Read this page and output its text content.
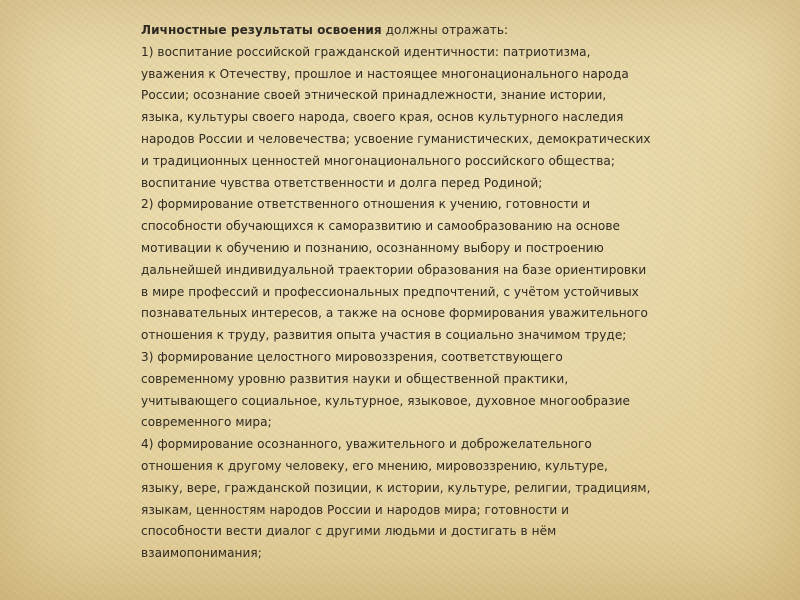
Личностные результаты освоения должны отражать:
1) воспитание российской гражданской идентичности: патриотизма,
уважения к Отечеству, прошлое и настоящее многонационального народа
России; осознание своей этнической принадлежности, знание истории,
языка, культуры своего народа, своего края, основ культурного наследия
народов России и человечества; усвоение гуманистических, демократических
и традиционных ценностей многонационального российского общества;
воспитание чувства ответственности и долга перед Родиной;
2) формирование ответственного отношения к учению, готовности и
способности обучающихся к саморазвитию и самообразованию на основе
мотивации к обучению и познанию, осознанному выбору и построению
дальнейшей индивидуальной траектории образования на базе ориентировки
в мире профессий и профессиональных предпочтений, с учётом устойчивых
познавательных интересов, а также на основе формирования уважительного
отношения к труду, развития опыта участия в социально значимом труде;
3) формирование целостного мировоззрения, соответствующего
современному уровню развития науки и общественной практики,
учитывающего социальное, культурное, языковое, духовное многообразие
современного мира;
4) формирование осознанного, уважительного и доброжелательного
отношения к другому человеку, его мнению, мировоззрению, культуре,
языку, вере, гражданской позиции, к истории, культуре, религии, традициям,
языкам, ценностям народов России и народов мира; готовности и
способности вести диалог с другими людьми и достигать в нём
взаимопонимания;
